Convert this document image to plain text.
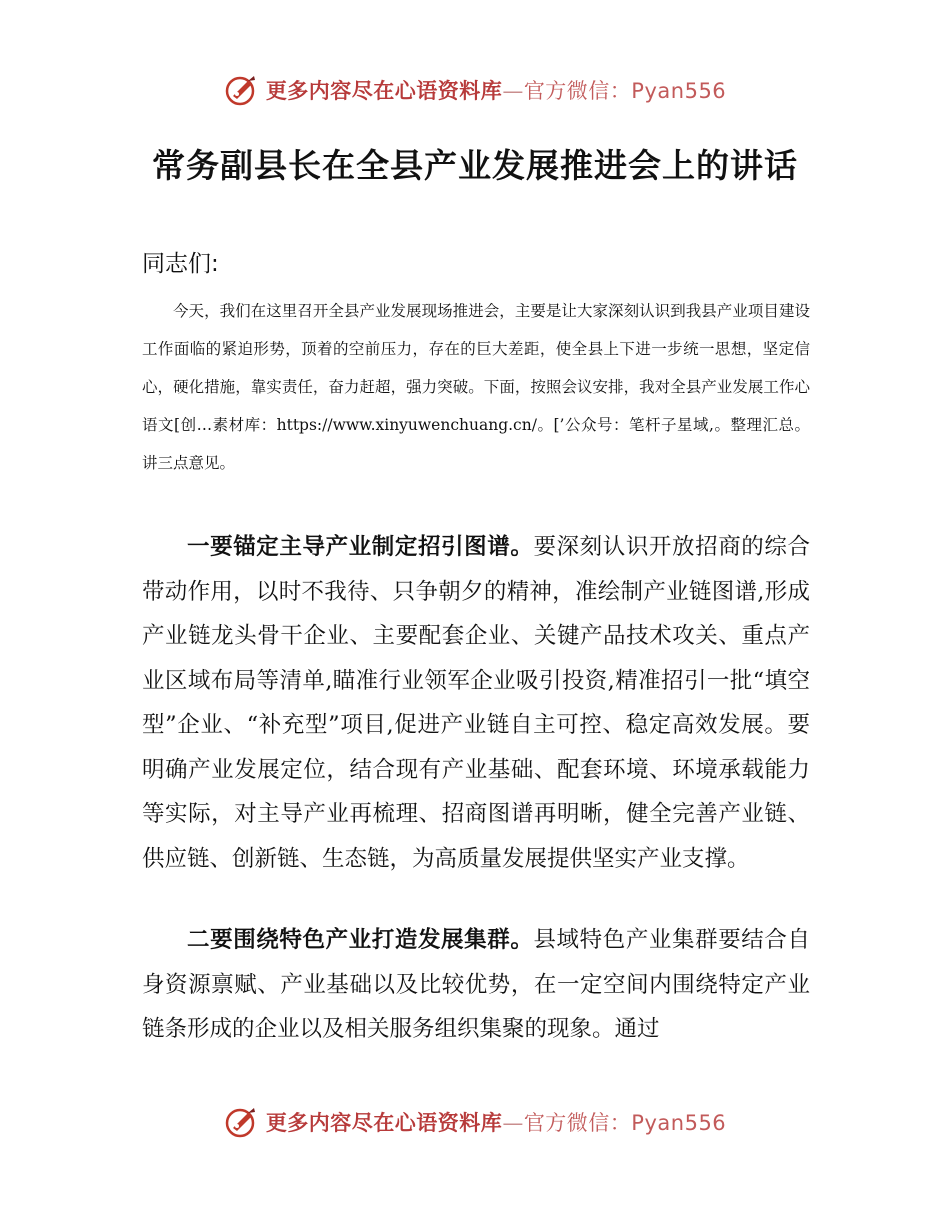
更多内容尽在心语资料库—官方微信：Pyan556
常务副县长在全县产业发展推进会上的讲话

同志们:

今天，我们在这里召开全县产业发展现场推进会，主要是让大家深刻认识到我县产业项目建设工作面临的紧迫形势，顶着的空前压力，存在的巨大差距，使全县上下进一步统一思想，坚定信心，硬化措施，靠实责任，奋力赶超，强力突破。下面，按照会议安排，我对全县产业发展工作心语文[创…素材库：https://www.xinyuwenchuang.cn/。[’公众号：笔杆子星域,。整理汇总。讲三点意见。

一要锚定主导产业制定招引图谱。要深刻认识开放招商的综合带动作用，以时不我待、只争朝夕的精神，准绘制产业链图谱,形成产业链龙头骨干企业、主要配套企业、关键产品技术攻关、重点产业区域布局等清单,瞄准行业领军企业吸引投资,精准招引一批“填空型”企业、“补充型”项目,促进产业链自主可控、稳定高效发展。要明确产业发展定位，结合现有产业基础、配套环境、环境承载能力等实际，对主导产业再梳理、招商图谱再明晰，健全完善产业链、供应链、创新链、生态链，为高质量发展提供坚实产业支撑。

二要围绕特色产业打造发展集群。县域特色产业集群要结合自身资源禀赋、产业基础以及比较优势，在一定空间内围绕特定产业链条形成的企业以及相关服务组织集聚的现象。通过

更多内容尽在心语资料库—官方微信：Pyan556
